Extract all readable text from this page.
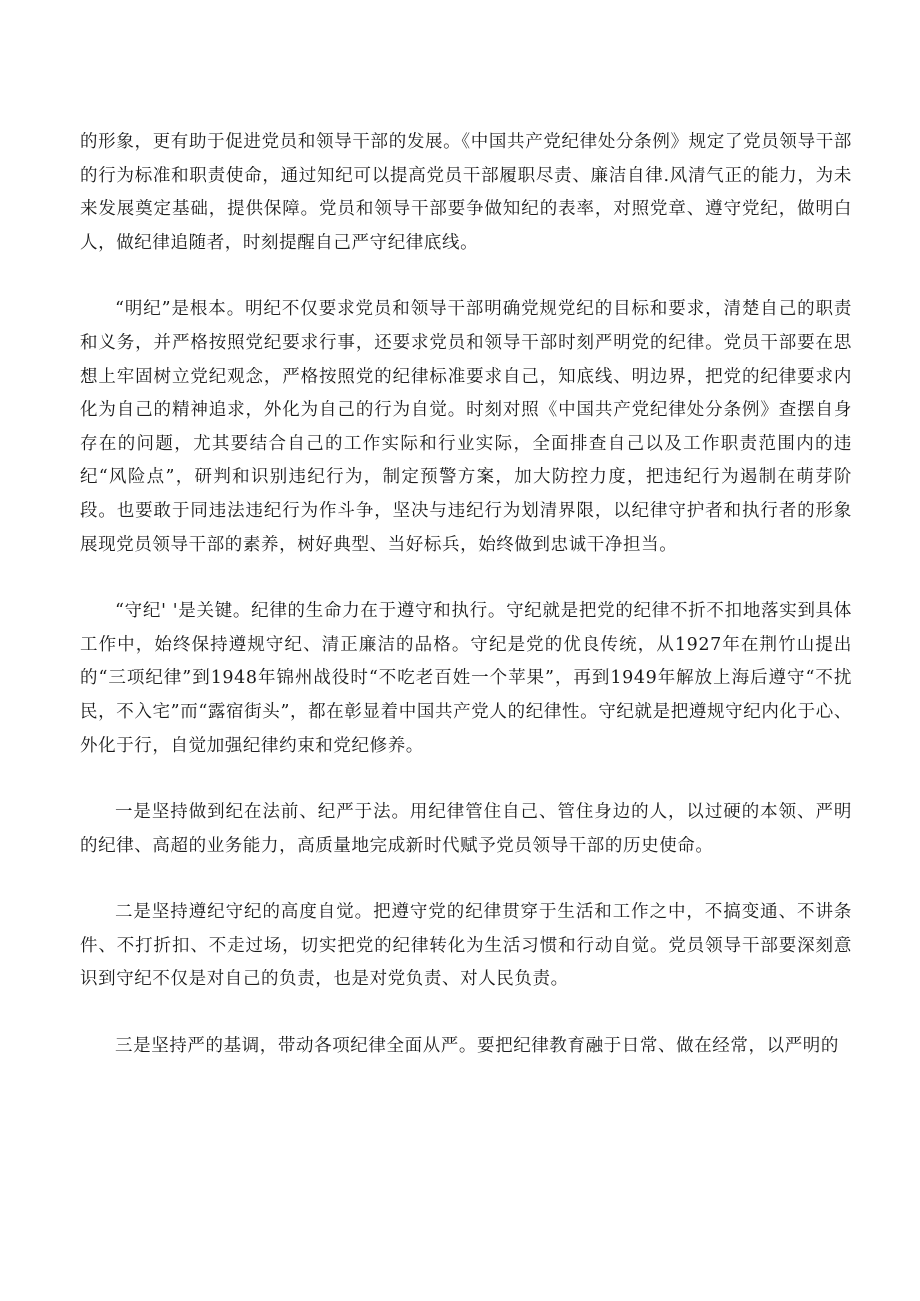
的形象，更有助于促进党员和领导干部的发展。《中国共产党纪律处分条例》规定了党员领导干部的行为标准和职责使命，通过知纪可以提高党员干部履职尽责、廉洁自律.风清气正的能力，为未来发展奠定基础，提供保障。党员和领导干部要争做知纪的表率，对照党章、遵守党纪，做明白人，做纪律追随者，时刻提醒自己严守纪律底线。

“明纪”是根本。明纪不仅要求党员和领导干部明确党规党纪的目标和要求，清楚自己的职责和义务，并严格按照党纪要求行事，还要求党员和领导干部时刻严明党的纪律。党员干部要在思想上牢固树立党纪观念，严格按照党的纪律标准要求自己，知底线、明边界，把党的纪律要求内化为自己的精神追求，外化为自己的行为自觉。时刻对照《中国共产党纪律处分条例》查摆自身存在的问题，尤其要结合自己的工作实际和行业实际，全面排查自己以及工作职责范围内的违纪“风险点”，研判和识别违纪行为，制定预警方案，加大防控力度，把违纪行为遏制在萌芽阶段。也要敢于同违法违纪行为作斗争，坚决与违纪行为划清界限，以纪律守护者和执行者的形象展现党员领导干部的素养，树好典型、当好标兵，始终做到忠诚干净担当。

“守纪' '是关键。纪律的生命力在于遵守和执行。守纪就是把党的纪律不折不扣地落实到具体工作中，始终保持遵规守纪、清正廉洁的品格。守纪是党的优良传统，从1927年在荆竹山提出的“三项纪律”到1948年锦州战役时“不吃老百姓一个苹果”，再到1949年解放上海后遵守“不扰民，不入宅”而“露宿街头”，都在彰显着中国共产党人的纪律性。守纪就是把遵规守纪内化于心、外化于行，自觉加强纪律约束和党纪修养。

一是坚持做到纪在法前、纪严于法。用纪律管住自己、管住身边的人，以过硬的本领、严明的纪律、高超的业务能力，高质量地完成新时代赋予党员领导干部的历史使命。

二是坚持遵纪守纪的高度自觉。把遵守党的纪律贯穿于生活和工作之中，不搞变通、不讲条件、不打折扣、不走过场，切实把党的纪律转化为生活习惯和行动自觉。党员领导干部要深刻意识到守纪不仅是对自己的负责，也是对党负责、对人民负责。

三是坚持严的基调，带动各项纪律全面从严。要把纪律教育融于日常、做在经常，以严明的
